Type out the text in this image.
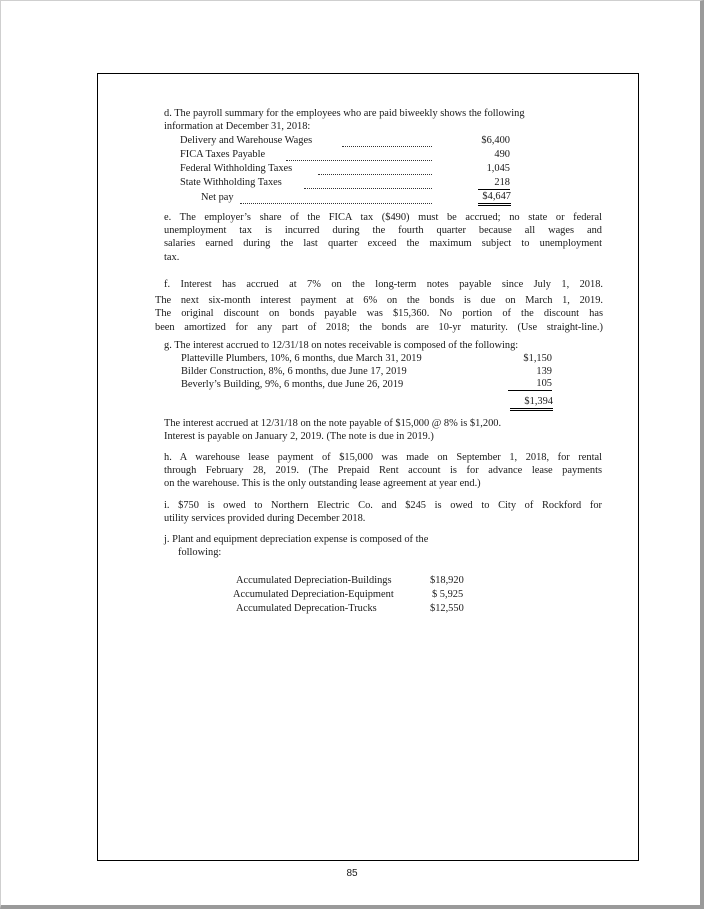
d. The payroll summary for the employees who are paid biweekly shows the following
information at December 31, 2018:
Delivery and Warehouse Wages	$6,400
FICA Taxes Payable	490
Federal Withholding Taxes	1,045
State Withholding Taxes	218
Net pay	$4,647
e. The employer’s share of the FICA tax ($490) must be accrued; no state or federal
unemployment tax is incurred during the fourth quarter because all wages and
salaries earned during the last quarter exceed the maximum subject to unemployment
tax.
f. Interest has accrued at 7% on the long-term notes payable since July 1, 2018.
The next six-month interest payment at 6% on the bonds is due on March 1, 2019.
The original discount on bonds payable was $15,360. No portion of the discount has
been amortized for any part of 2018; the bonds are 10-yr maturity. (Use straight-line.)
g. The interest accrued to 12/31/18 on notes receivable is composed of the following:
Platteville Plumbers, 10%, 6 months, due March 31, 2019	$1,150
Bilder Construction, 8%, 6 months, due June 17, 2019	139
Beverly’s Building, 9%, 6 months, due June 26, 2019	105
$1,394
The interest accrued at 12/31/18 on the note payable of $15,000 @ 8% is $1,200.
Interest is payable on January 2, 2019. (The note is due in 2019.)
h. A warehouse lease payment of $15,000 was made on September 1, 2018, for rental
through February 28, 2019. (The Prepaid Rent account is for advance lease payments
on the warehouse. This is the only outstanding lease agreement at year end.)
i. $750 is owed to Northern Electric Co. and $245 is owed to City of Rockford for
utility services provided during December 2018.
j. Plant and equipment depreciation expense is composed of the
following:
Accumulated Depreciation-Buildings	$18,920
Accumulated Depreciation-Equipment	$ 5,925
Accumulated Deprecation-Trucks	$12,550
85
